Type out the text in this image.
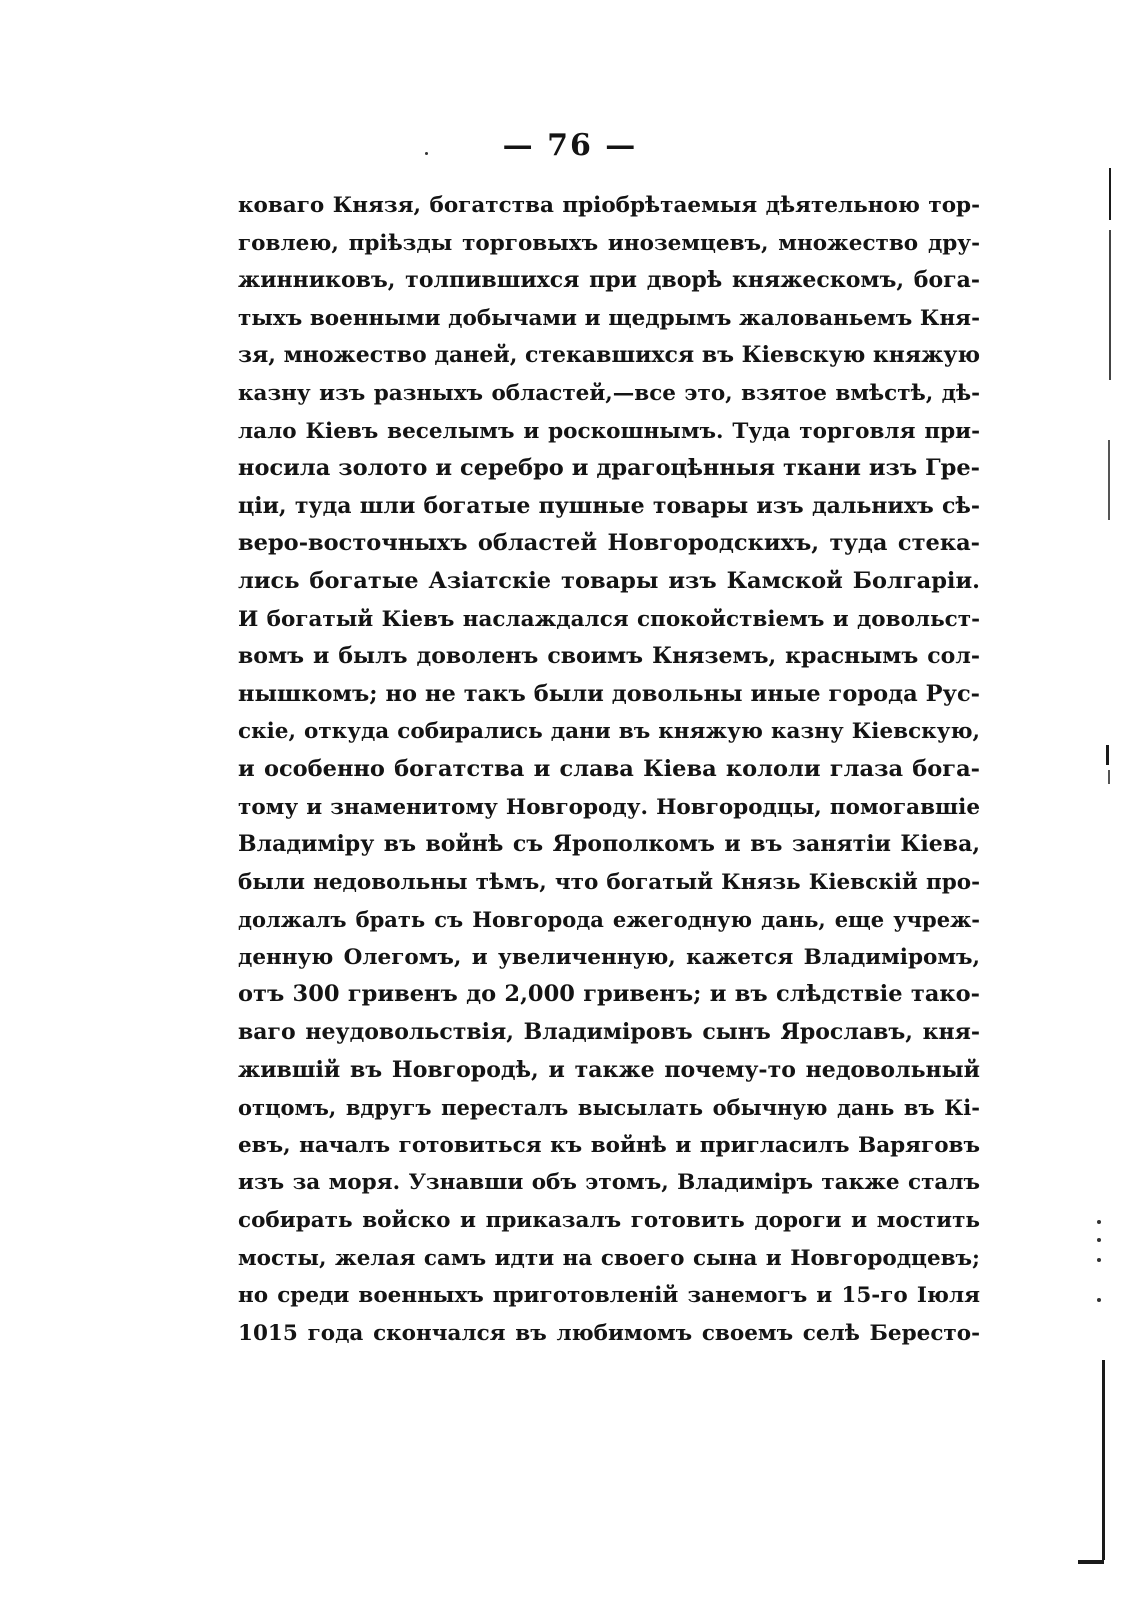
— 76 —
коваго Князя, богатства пріобрѣтаемыя дѣятельною тор-
говлею, пріѣзды торговыхъ иноземцевъ, множество дру-
жинниковъ, толпившихся при дворѣ княжескомъ, бога-
тыхъ военными добычами и щедрымъ жалованьемъ Кня-
зя, множество даней, стекавшихся въ Кіевскую княжую
казну изъ разныхъ областей,—все это, взятое вмѣстѣ, дѣ-
лало Кіевъ веселымъ и роскошнымъ. Туда торговля при-
носила золото и серебро и драгоцѣнныя ткани изъ Гре-
ціи, туда шли богатые пушные товары изъ дальнихъ сѣ-
веро-восточныхъ областей Новгородскихъ, туда стека-
лись богатые Азіатскіе товары изъ Камской Болгаріи.
И богатый Кіевъ наслаждался спокойствіемъ и довольст-
вомъ и былъ доволенъ своимъ Княземъ, краснымъ сол-
нышкомъ; но не такъ были довольны иные города Рус-
скіе, откуда собирались дани въ княжую казну Кіевскую,
и особенно богатства и слава Кіева кололи глаза бога-
тому и знаменитому Новгороду. Новгородцы, помогавшіе
Владиміру въ войнѣ съ Ярополкомъ и въ занятіи Кіева,
были недовольны тѣмъ, что богатый Князь Кіевскій про-
должалъ брать съ Новгорода ежегодную дань, еще учреж-
денную Олегомъ, и увеличенную, кажется Владиміромъ,
отъ 300 гривенъ до 2,000 гривенъ; и въ слѣдствіе тако-
ваго неудовольствія, Владиміровъ сынъ Ярославъ, кня-
жившій въ Новгородѣ, и также почему-то недовольный
отцомъ, вдругъ пересталъ высылать обычную дань въ Кі-
евъ, началъ готовиться къ войнѣ и пригласилъ Варяговъ
изъ за моря. Узнавши объ этомъ, Владиміръ также сталъ
собирать войско и приказалъ готовить дороги и мостить
мосты, желая самъ идти на своего сына и Новгородцевъ;
но среди военныхъ приготовленій занемогъ и 15-го Іюля
1015 года скончался въ любимомъ своемъ селѣ Бересто-
